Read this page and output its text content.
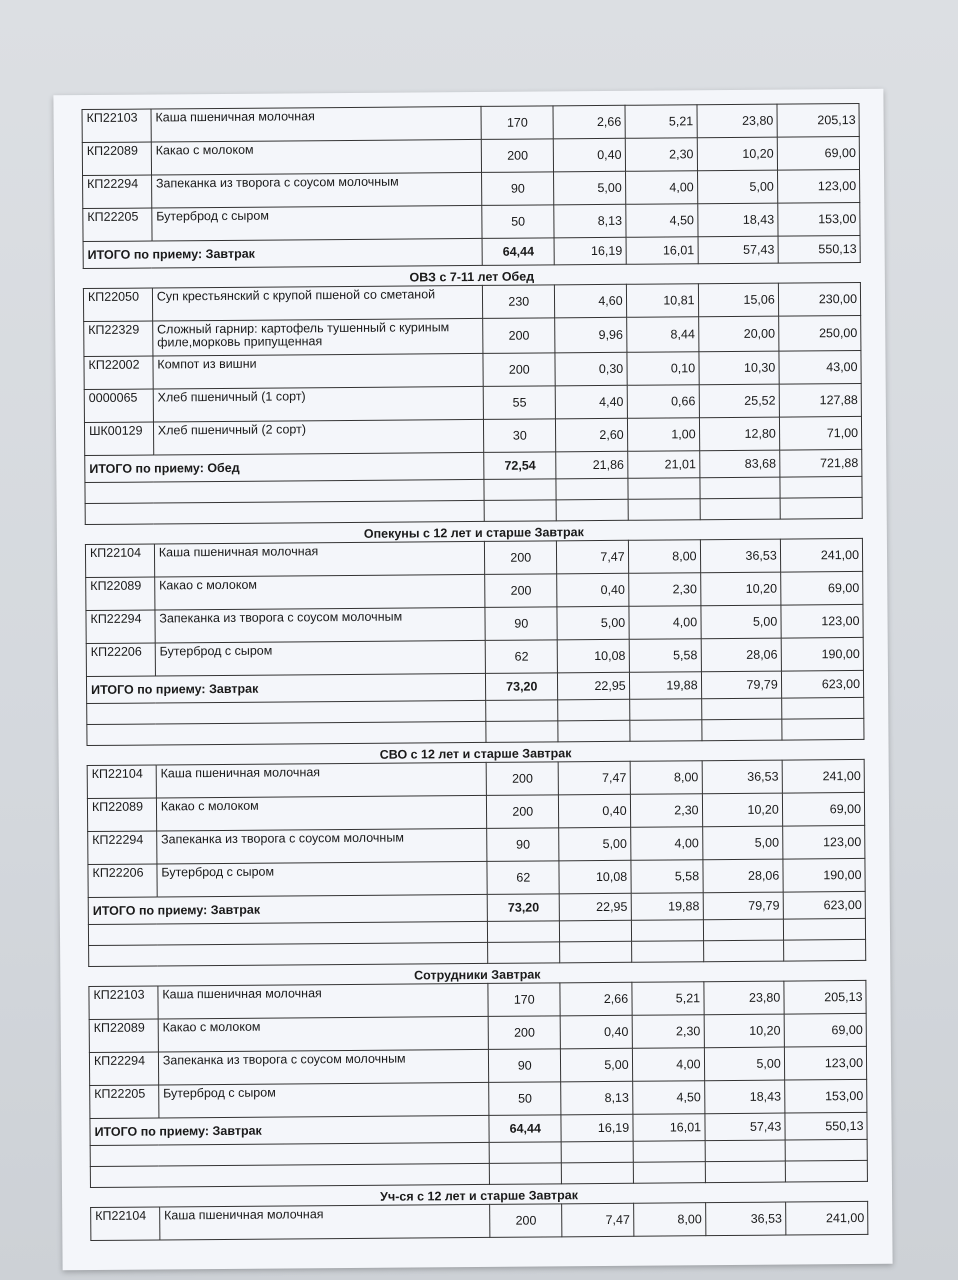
КП22103	Каша пшеничная молочная	170	2,66	5,21	23,80	205,13
КП22089	Какао с молоком	200	0,40	2,30	10,20	69,00
КП22294	Запеканка из творога с соусом молочным	90	5,00	4,00	5,00	123,00
КП22205	Бутерброд с сыром	50	8,13	4,50	18,43	153,00
ИТОГО по приему: Завтрак		64,44	16,19	16,01	57,43	550,13
ОВЗ с 7-11 лет Обед
КП22050	Суп крестьянский с крупой пшеной со сметаной	230	4,60	10,81	15,06	230,00
КП22329	Сложный гарнир: картофель тушенный с куриным филе,морковь припущенная	200	9,96	8,44	20,00	250,00
КП22002	Компот из вишни	200	0,30	0,10	10,30	43,00
0000065	Хлеб пшеничный (1 сорт)	55	4,40	0,66	25,52	127,88
ШК00129	Хлеб пшеничный (2 сорт)	30	2,60	1,00	12,80	71,00
ИТОГО по приему: Обед		72,54	21,86	21,01	83,68	721,88

Опекуны с 12 лет и старше Завтрак
КП22104	Каша пшеничная молочная	200	7,47	8,00	36,53	241,00
КП22089	Какао с молоком	200	0,40	2,30	10,20	69,00
КП22294	Запеканка из творога с соусом молочным	90	5,00	4,00	5,00	123,00
КП22206	Бутерброд с сыром	62	10,08	5,58	28,06	190,00
ИТОГО по приему: Завтрак		73,20	22,95	19,88	79,79	623,00

СВО с 12 лет и старше Завтрак
КП22104	Каша пшеничная молочная	200	7,47	8,00	36,53	241,00
КП22089	Какао с молоком	200	0,40	2,30	10,20	69,00
КП22294	Запеканка из творога с соусом молочным	90	5,00	4,00	5,00	123,00
КП22206	Бутерброд с сыром	62	10,08	5,58	28,06	190,00
ИТОГО по приему: Завтрак		73,20	22,95	19,88	79,79	623,00

Сотрудники Завтрак
КП22103	Каша пшеничная молочная	170	2,66	5,21	23,80	205,13
КП22089	Какао с молоком	200	0,40	2,30	10,20	69,00
КП22294	Запеканка из творога с соусом молочным	90	5,00	4,00	5,00	123,00
КП22205	Бутерброд с сыром	50	8,13	4,50	18,43	153,00
ИТОГО по приему: Завтрак		64,44	16,19	16,01	57,43	550,13

Уч-ся с 12 лет и старше Завтрак
КП22104	Каша пшеничная молочная	200	7,47	8,00	36,53	241,00
